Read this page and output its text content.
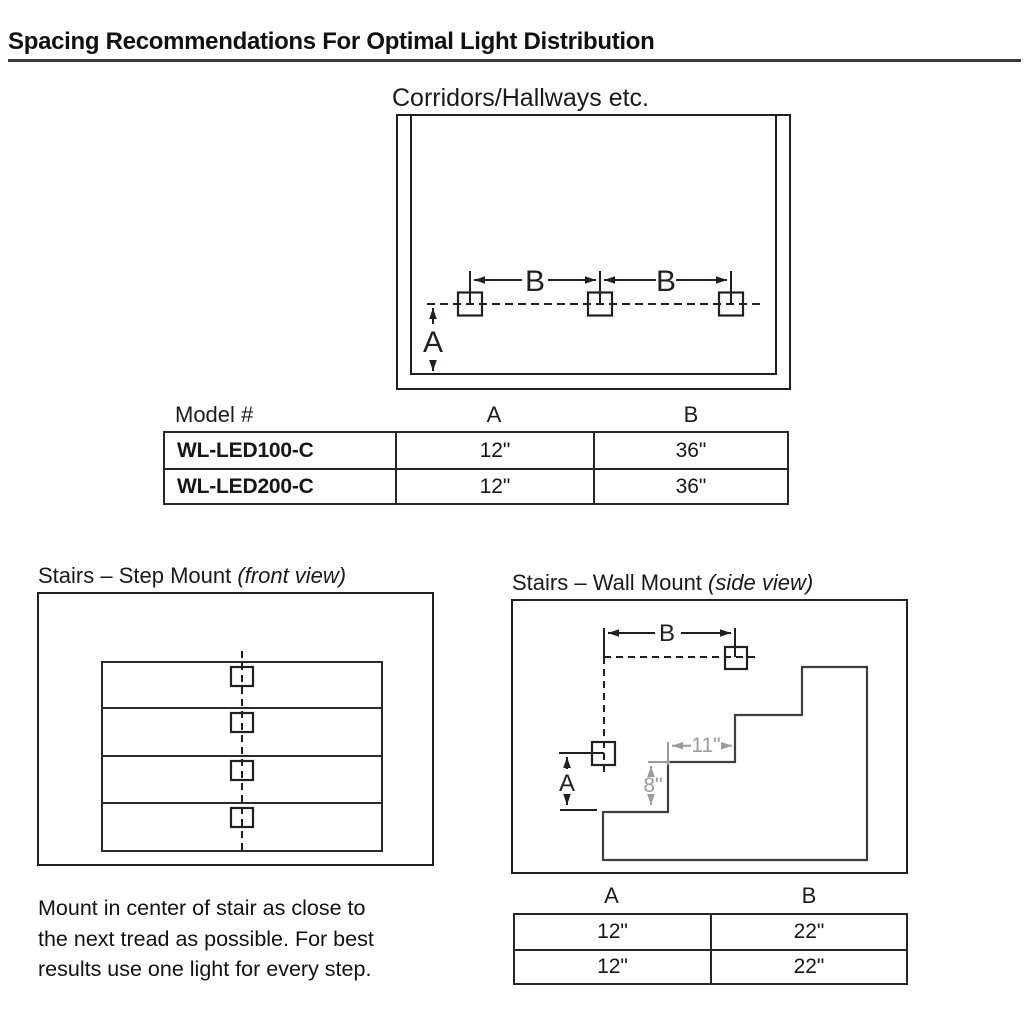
Spacing Recommendations For Optimal Light Distribution
Corridors/Hallways etc.
B	B
A
Model #	A	B
WL-LED100-C	12"	36"
WL-LED200-C	12"	36"
Stairs – Step Mount (front view)	Stairs – Wall Mount (side view)
B
A
11"
8"
A	B
12"	22"
12"	22"
Mount in center of stair as close to
the next tread as possible. For best
results use one light for every step.
